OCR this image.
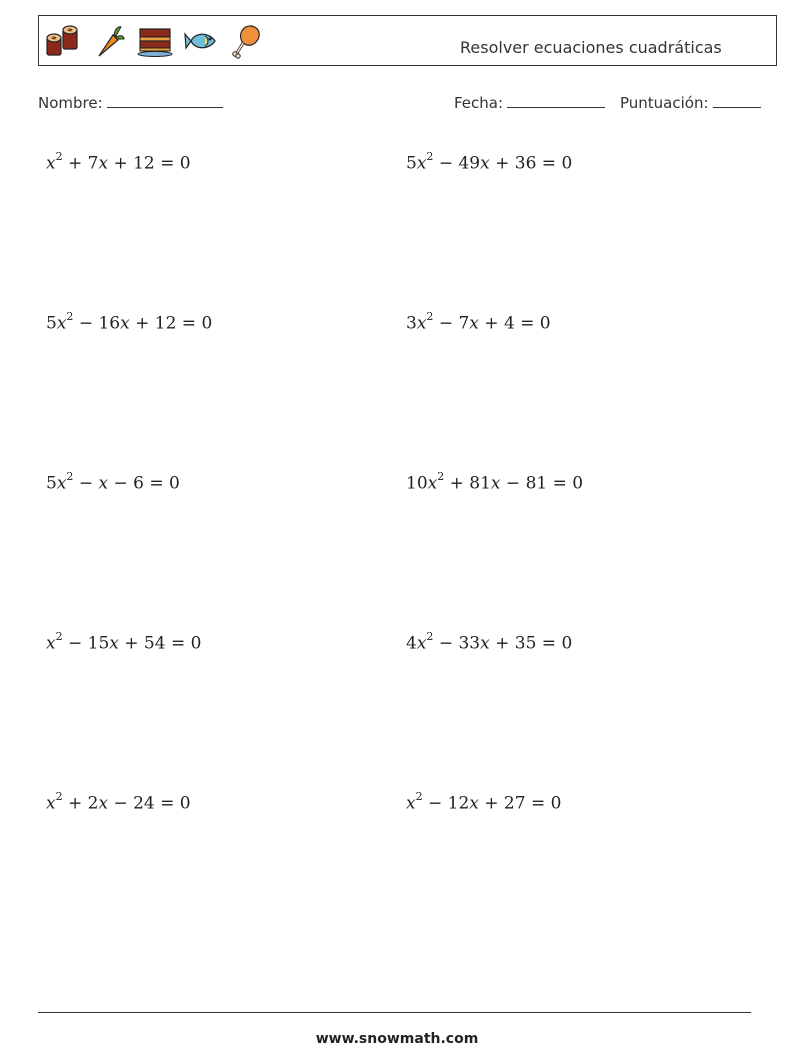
Resolver ecuaciones cuadráticas
Nombre:	Fecha:	Puntuación:
$x^2 + 7x + 12 = 0$	$5x^2 - 49x + 36 = 0$
$5x^2 - 16x + 12 = 0$	$3x^2 - 7x + 4 = 0$
$5x^2 - x - 6 = 0$	$10x^2 + 81x - 81 = 0$
$x^2 - 15x + 54 = 0$	$4x^2 - 33x + 35 = 0$
$x^2 + 2x - 24 = 0$	$x^2 - 12x + 27 = 0$
www.snowmath.com
